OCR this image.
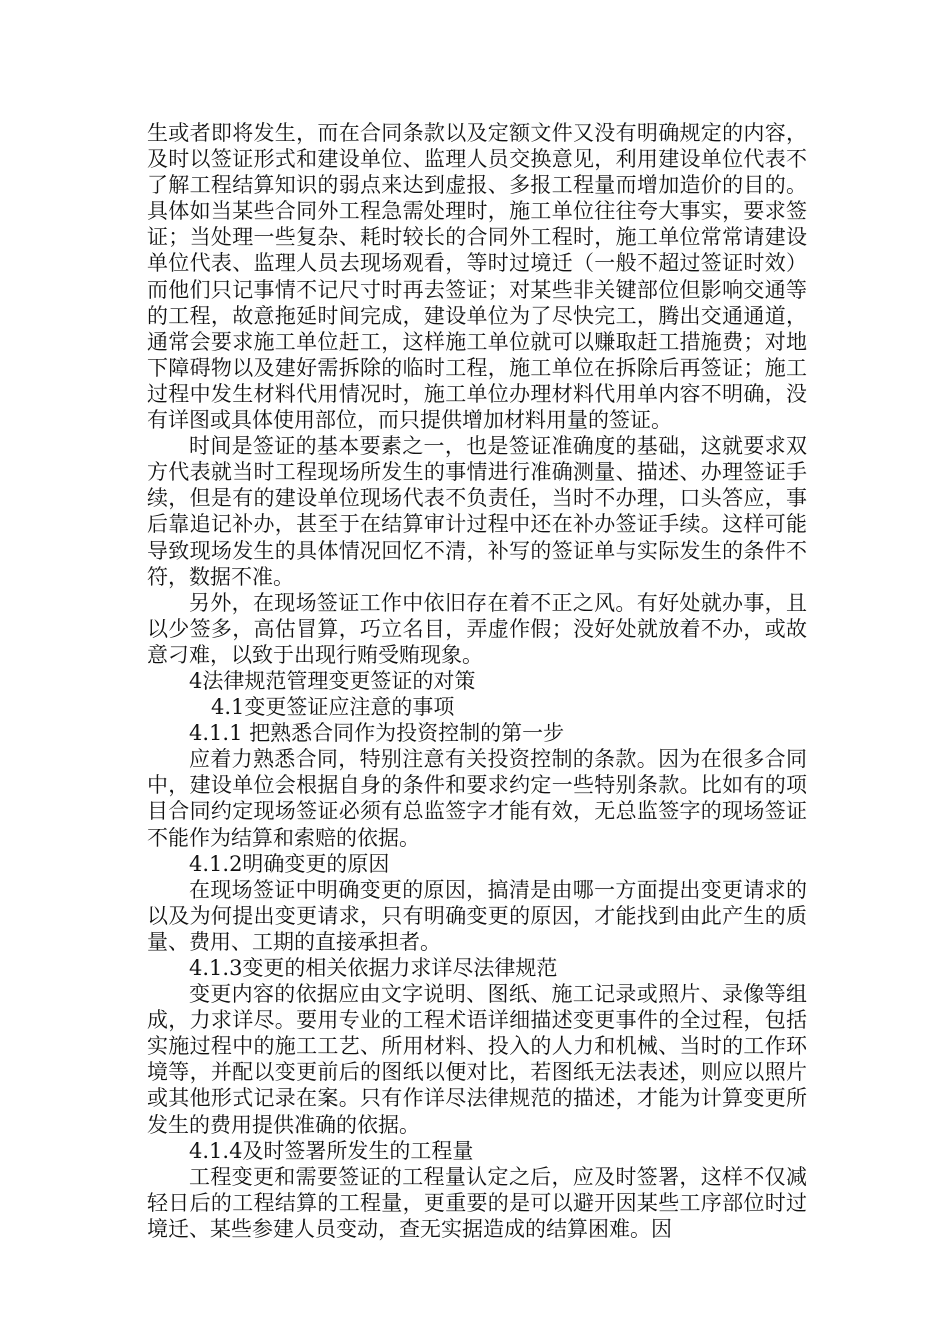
生或者即将发生，而在合同条款以及定额文件又没有明确规定的内容，及时以签证形式和建设单位、监理人员交换意见，利用建设单位代表不了解工程结算知识的弱点来达到虚报、多报工程量而增加造价的目的。具体如当某些合同外工程急需处理时，施工单位往往夸大事实，要求签证；当处理一些复杂、耗时较长的合同外工程时，施工单位常常请建设单位代表、监理人员去现场观看，等时过境迁（一般不超过签证时效）而他们只记事情不记尺寸时再去签证；对某些非关键部位但影响交通等的工程，故意拖延时间完成，建设单位为了尽快完工，腾出交通通道，通常会要求施工单位赶工，这样施工单位就可以赚取赶工措施费；对地下障碍物以及建好需拆除的临时工程，施工单位在拆除后再签证；施工过程中发生材料代用情况时，施工单位办理材料代用单内容不明确，没有详图或具体使用部位，而只提供增加材料用量的签证。

时间是签证的基本要素之一，也是签证准确度的基础，这就要求双方代表就当时工程现场所发生的事情进行准确测量、描述、办理签证手续，但是有的建设单位现场代表不负责任，当时不办理，口头答应，事后靠追记补办，甚至于在结算审计过程中还在补办签证手续。这样可能导致现场发生的具体情况回忆不清，补写的签证单与实际发生的条件不符，数据不准。

另外，在现场签证工作中依旧存在着不正之风。有好处就办事，且以少签多，高估冒算，巧立名目，弄虚作假；没好处就放着不办，或故意刁难，以致于出现行贿受贿现象。

4法律规范管理变更签证的对策

4.1变更签证应注意的事项

4.1.1 把熟悉合同作为投资控制的第一步

应着力熟悉合同，特别注意有关投资控制的条款。因为在很多合同中，建设单位会根据自身的条件和要求约定一些特别条款。比如有的项目合同约定现场签证必须有总监签字才能有效，无总监签字的现场签证不能作为结算和索赔的依据。

4.1.2明确变更的原因

在现场签证中明确变更的原因，搞清是由哪一方面提出变更请求的以及为何提出变更请求，只有明确变更的原因，才能找到由此产生的质量、费用、工期的直接承担者。

4.1.3变更的相关依据力求详尽法律规范

变更内容的依据应由文字说明、图纸、施工记录或照片、录像等组成，力求详尽。要用专业的工程术语详细描述变更事件的全过程，包括实施过程中的施工工艺、所用材料、投入的人力和机械、当时的工作环境等，并配以变更前后的图纸以便对比，若图纸无法表述，则应以照片或其他形式记录在案。只有作详尽法律规范的描述，才能为计算变更所发生的费用提供准确的依据。

4.1.4及时签署所发生的工程量

工程变更和需要签证的工程量认定之后，应及时签署，这样不仅减轻日后的工程结算的工程量，更重要的是可以避开因某些工序部位时过境迁、某些参建人员变动，查无实据造成的结算困难。因
